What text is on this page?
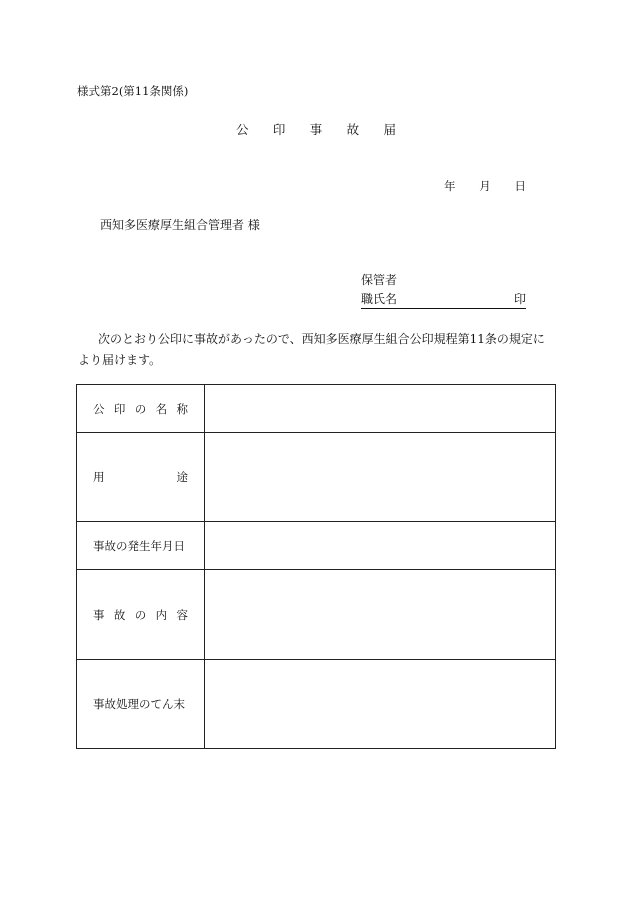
様式第2(第11条関係)
公 印 事 故 届
年 月 日
西知多医療厚生組合管理者 様
保管者
職氏名	印
次のとおり公印に事故があったので、西知多医療厚生組合公印規程第11条の規定により届けます。
公 印 の 名 称	

用 途	

事故の発生年月日	

事 故 の 内 容	

事故処理のてん末	
